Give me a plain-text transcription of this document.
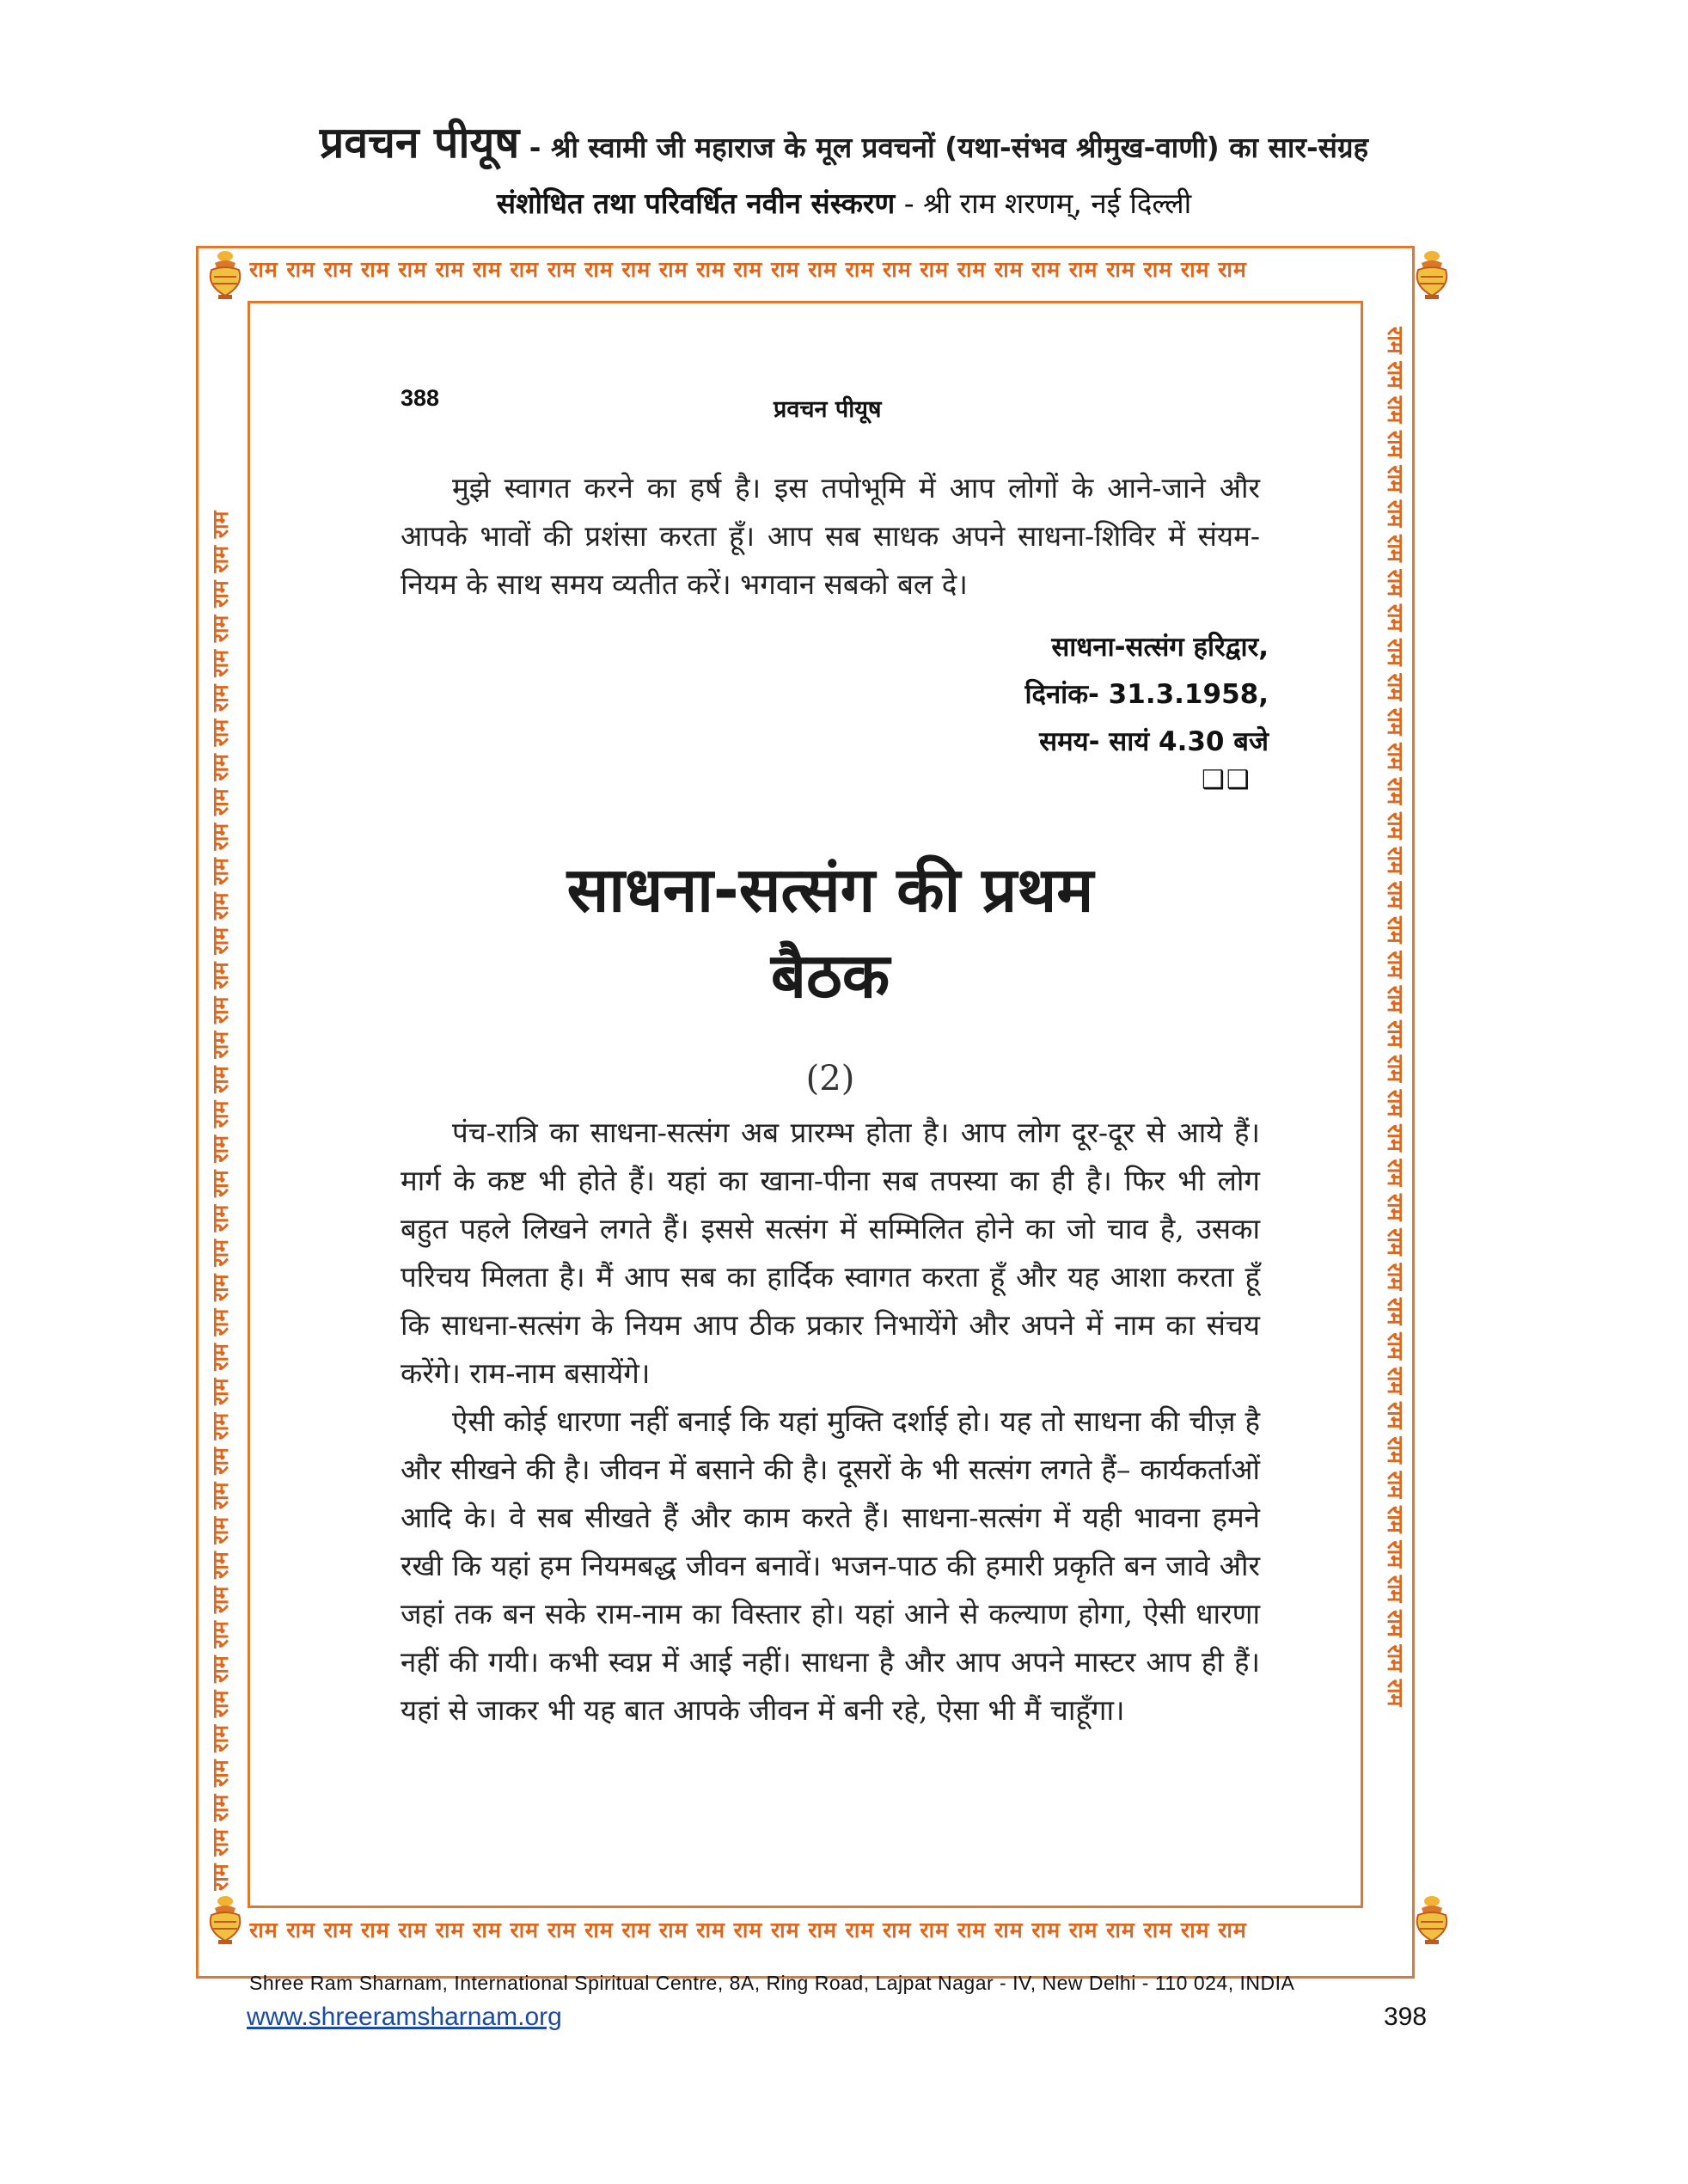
प्रवचन पीयूष - श्री स्वामी जी महाराज के मूल प्रवचनों (यथा-संभव श्रीमुख-वाणी) का सार-संग्रह
संशोधित तथा परिवर्धित नवीन संस्करण - श्री राम शरणम्, नई दिल्ली
राम राम राम राम राम राम राम राम राम राम राम राम राम राम राम राम राम राम राम राम राम राम राम राम राम राम राम
राम राम राम राम राम राम राम राम राम राम राम राम राम राम राम राम राम राम राम राम राम राम राम राम राम राम राम
राम राम राम राम राम राम राम राम राम राम राम राम राम राम राम राम राम राम राम राम राम राम राम राम राम राम राम राम राम राम राम राम राम राम राम राम राम राम राम राम	राम राम राम राम राम राम राम राम राम राम राम राम राम राम राम राम राम राम राम राम राम राम राम राम राम राम राम राम राम राम राम राम राम राम राम राम राम राम राम राम
388	प्रवचन पीयूष

मुझे स्वागत करने का हर्ष है। इस तपोभूमि में आप लोगों के आने-जाने और आपके भावों की प्रशंसा करता हूँ। आप सब साधक अपने साधना-शिविर में संयम-नियम के साथ समय व्यतीत करें। भगवान सबको बल दे।

साधना-सत्संग हरिद्वार,
दिनांक- 31.3.1958,
समय- सायं 4.30 बजे
❑❑
साधना-सत्संग की प्रथम
बैठक
(2)

पंच-रात्रि का साधना-सत्संग अब प्रारम्भ होता है। आप लोग दूर-दूर से आये हैं। मार्ग के कष्ट भी होते हैं। यहां का खाना-पीना सब तपस्या का ही है। फिर भी लोग बहुत पहले लिखने लगते हैं। इससे सत्संग में सम्मिलित होने का जो चाव है, उसका परिचय मिलता है। मैं आप सब का हार्दिक स्वागत करता हूँ और यह आशा करता हूँ कि साधना-सत्संग के नियम आप ठीक प्रकार निभायेंगे और अपने में नाम का संचय करेंगे। राम-नाम बसायेंगे।

ऐसी कोई धारणा नहीं बनाई कि यहां मुक्ति दर्शाई हो। यह तो साधना की चीज़ है और सीखने की है। जीवन में बसाने की है। दूसरों के भी सत्संग लगते हैं– कार्यकर्ताओं आदि के। वे सब सीखते हैं और काम करते हैं। साधना-सत्संग में यही भावना हमने रखी कि यहां हम नियमबद्ध जीवन बनावें। भजन-पाठ की हमारी प्रकृति बन जावे और जहां तक बन सके राम-नाम का विस्तार हो। यहां आने से कल्याण होगा, ऐसी धारणा नहीं की गयी। कभी स्वप्न में आई नहीं। साधना है और आप अपने मास्टर आप ही हैं। यहां से जाकर भी यह बात आपके जीवन में बनी रहे, ऐसा भी मैं चाहूँगा।

Shree Ram Sharnam, International Spiritual Centre, 8A, Ring Road, Lajpat Nagar - IV, New Delhi - 110 024, INDIA
www.shreeramsharnam.org	398
